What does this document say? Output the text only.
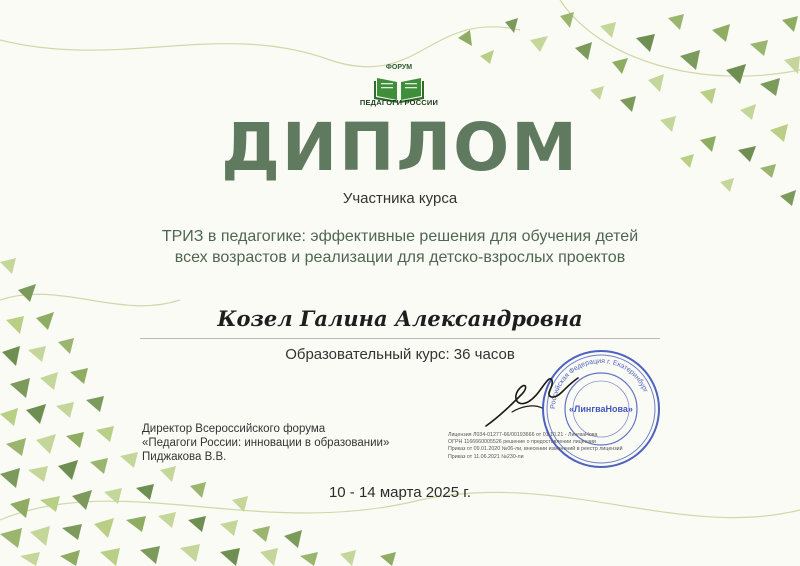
ФОРУМ
ПЕДАГОГИ РОССИИ
ДИПЛОМ
Участника курса
ТРИЗ в педагогике: эффективные решения для обучения детей
всех возрастов и реализации для детско-взрослых проектов
Козел Галина Александровна
Образовательный курс: 36 часов
Директор Всероссийского форума
«Педагоги России: инновации в образовании»
Пиджакова В.В.
Российская Федерация г. Екатеринбург
«ЛингваНова»
Лицензия Л034-01277-66/00193666 от 01.10.21 - ЛингваНова
ОГРН 1166660005526 решение о предоставлении лицензии
Приказ от 09.01.2020 №06-ли, внесении изменений в реестр лицензий
Приказ от 11.06.2021 №230-ли
10 - 14 марта 2025 г.
